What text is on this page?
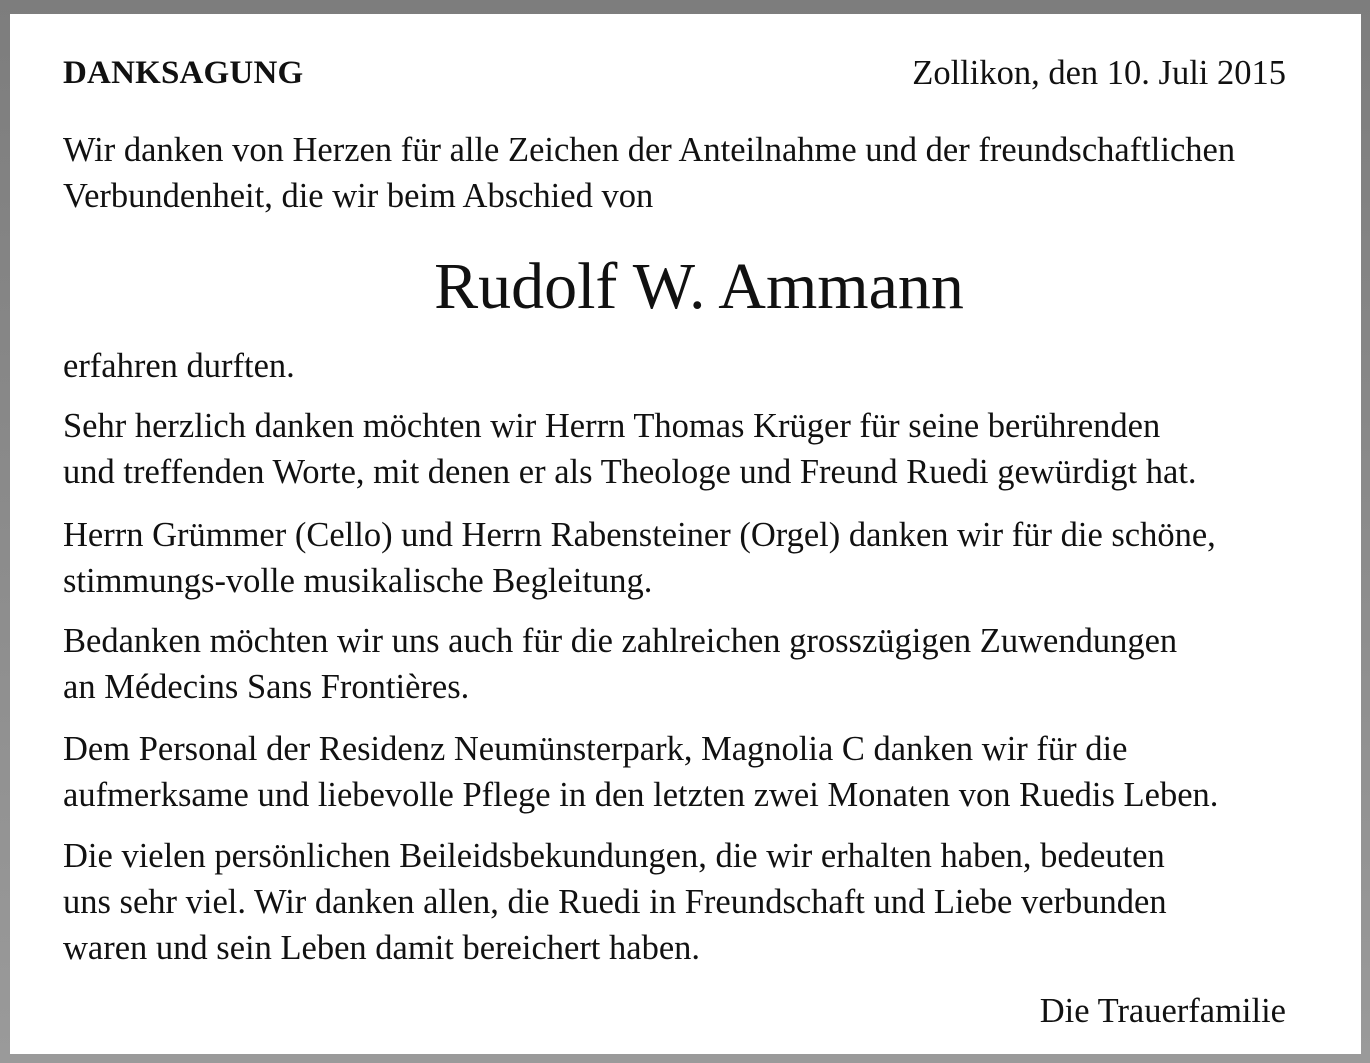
DANKSAGUNG	Zollikon, den 10. Juli 2015
Wir danken von Herzen für alle Zeichen der Anteilnahme und der freundschaftlichen
Verbundenheit, die wir beim Abschied von
Rudolf W. Ammann
erfahren durften.
Sehr herzlich danken möchten wir Herrn Thomas Krüger für seine berührenden
und treffenden Worte, mit denen er als Theologe und Freund Ruedi gewürdigt hat.
Herrn Grümmer (Cello) und Herrn Rabensteiner (Orgel) danken wir für die schöne,
stimmungs-volle musikalische Begleitung.
Bedanken möchten wir uns auch für die zahlreichen grosszügigen Zuwendungen
an Médecins Sans Frontières.
Dem Personal der Residenz Neumünsterpark, Magnolia C danken wir für die
aufmerksame und liebevolle Pflege in den letzten zwei Monaten von Ruedis Leben.
Die vielen persönlichen Beileidsbekundungen, die wir erhalten haben, bedeuten
uns sehr viel. Wir danken allen, die Ruedi in Freundschaft und Liebe verbunden
waren und sein Leben damit bereichert haben.
Die Trauerfamilie
